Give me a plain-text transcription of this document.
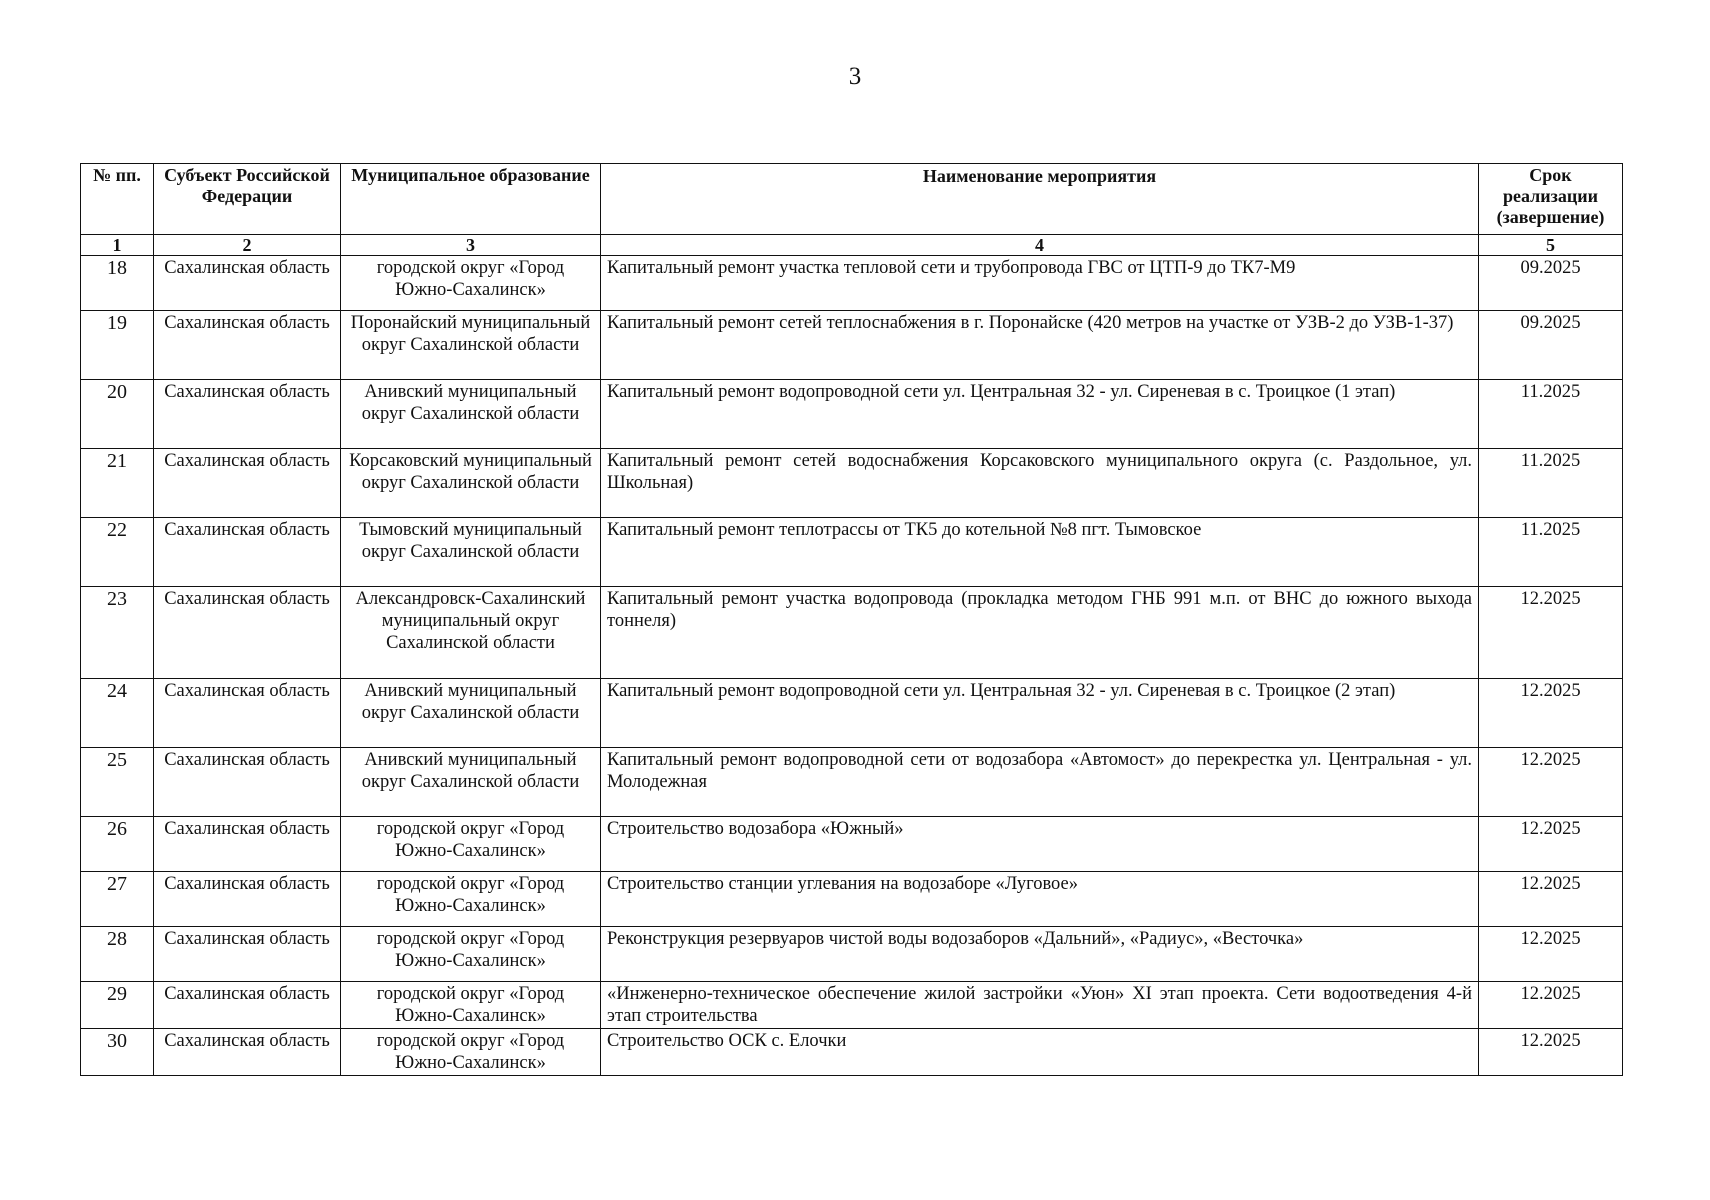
3
№ пп.	Субъект Российской Федерации	Муниципальное образование	Наименование мероприятия	Срок реализации (завершение)
1	2	3	4	5
18	Сахалинская область	городской округ «Город Южно-Сахалинск»	Капитальный ремонт участка тепловой сети и трубопровода ГВС от ЦТП-9 до ТК7-М9	09.2025
19	Сахалинская область	Поронайский муниципальный округ Сахалинской области	Капитальный ремонт сетей теплоснабжения в г. Поронайске (420 метров на участке от УЗВ-2 до УЗВ-1-37)	09.2025
20	Сахалинская область	Анивский муниципальный округ Сахалинской области	Капитальный ремонт водопроводной сети ул. Центральная 32 - ул. Сиреневая в с. Троицкое (1 этап)	11.2025
21	Сахалинская область	Корсаковский муниципальный округ Сахалинской области	Капитальный ремонт сетей водоснабжения Корсаковского муниципального округа (с. Раздольное, ул. Школьная)	11.2025
22	Сахалинская область	Тымовский муниципальный округ Сахалинской области	Капитальный ремонт теплотрассы от ТК5 до котельной №8 пгт. Тымовское	11.2025
23	Сахалинская область	Александровск-Сахалинский муниципальный округ Сахалинской области	Капитальный ремонт участка водопровода (прокладка методом ГНБ 991 м.п. от ВНС до южного выхода тоннеля)	12.2025
24	Сахалинская область	Анивский муниципальный округ Сахалинской области	Капитальный ремонт водопроводной сети ул. Центральная 32 - ул. Сиреневая в с. Троицкое (2 этап)	12.2025
25	Сахалинская область	Анивский муниципальный округ Сахалинской области	Капитальный ремонт водопроводной сети от водозабора «Автомост» до перекрестка ул. Центральная - ул. Молодежная	12.2025
26	Сахалинская область	городской округ «Город Южно-Сахалинск»	Строительство водозабора «Южный»	12.2025
27	Сахалинская область	городской округ «Город Южно-Сахалинск»	Строительство станции углевания на водозаборе «Луговое»	12.2025
28	Сахалинская область	городской округ «Город Южно-Сахалинск»	Реконструкция резервуаров чистой воды водозаборов «Дальний», «Радиус», «Весточка»	12.2025
29	Сахалинская область	городской округ «Город Южно-Сахалинск»	«Инженерно-техническое обеспечение жилой застройки «Уюн» XI этап проекта. Сети водоотведения 4-й этап строительства	12.2025
30	Сахалинская область	городской округ «Город Южно-Сахалинск»	Строительство ОСК с. Елочки	12.2025
